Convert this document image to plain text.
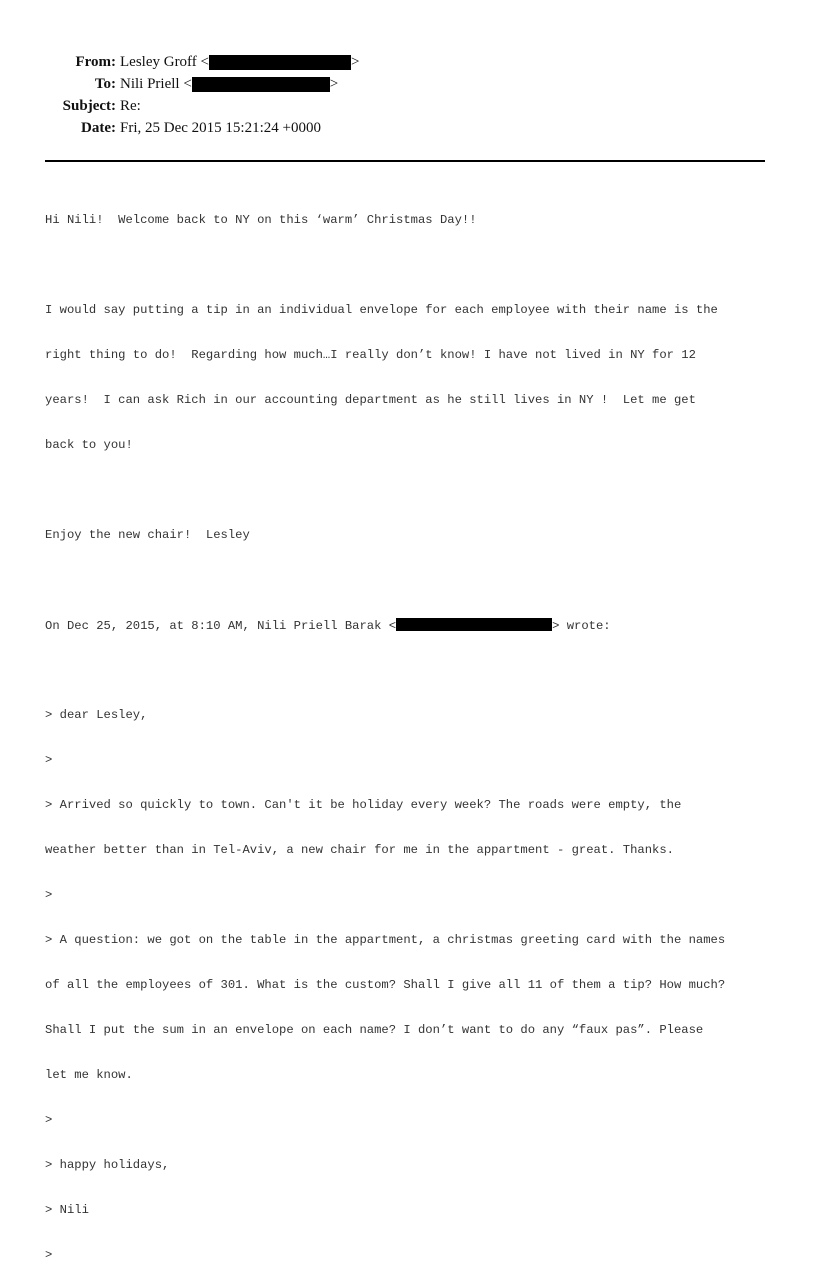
From: Lesley Groff <	>
To: Nili Priell <	>
Subject: Re:
Date: Fri, 25 Dec 2015 15:21:24 +0000

Hi Nili!  Welcome back to NY on this ‘warm’ Christmas Day!!

I would say putting a tip in an individual envelope for each employee with their name is the

right thing to do!  Regarding how much…I really don’t know! I have not lived in NY for 12

years!  I can ask Rich in our accounting department as he still lives in NY !  Let me get

back to you!

Enjoy the new chair!  Lesley

On Dec 25, 2015, at 8:10 AM, Nili Priell Barak <	> wrote:

> dear Lesley,

>

> Arrived so quickly to town. Can't it be holiday every week? The roads were empty, the

weather better than in Tel-Aviv, a new chair for me in the appartment - great. Thanks.

>

> A question: we got on the table in the appartment, a christmas greeting card with the names

of all the employees of 301. What is the custom? Shall I give all 11 of them a tip? How much?

Shall I put the sum in an envelope on each name? I don’t want to do any “faux pas”. Please

let me know.

>

> happy holidays,

> Nili

>
